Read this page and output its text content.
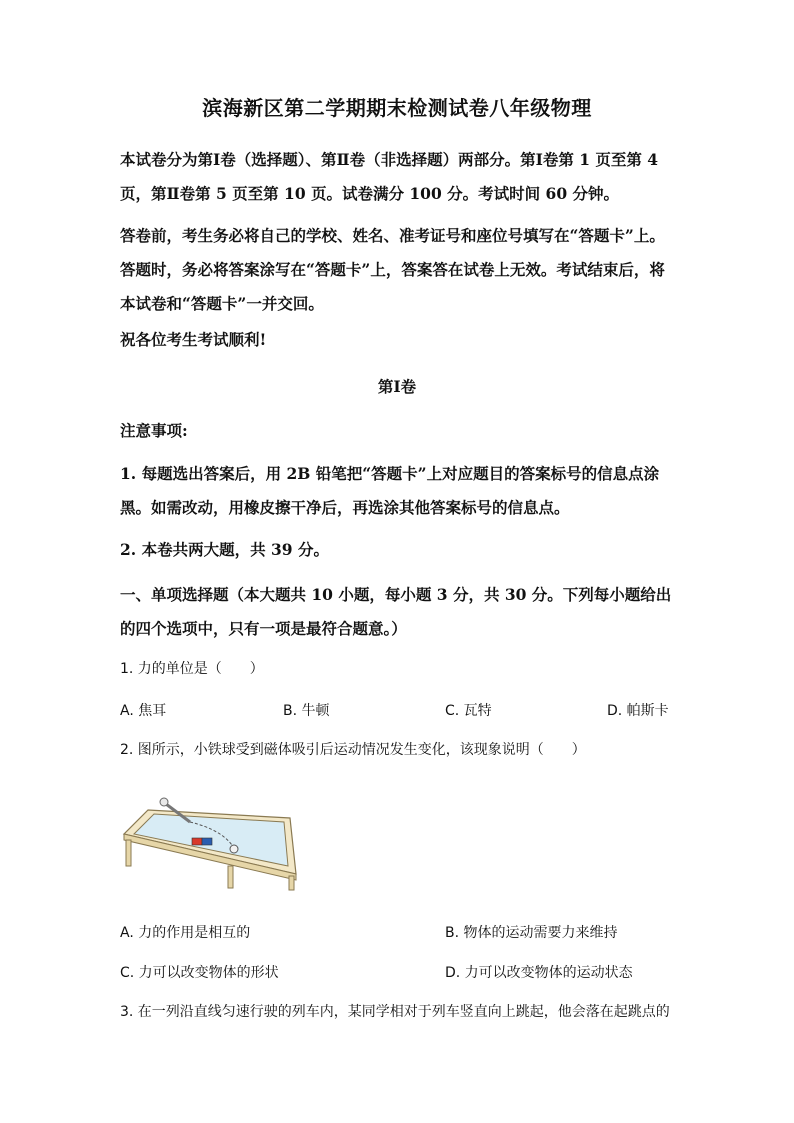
滨海新区第二学期期末检测试卷八年级物理
本试卷分为第Ⅰ卷（选择题）、第Ⅱ卷（非选择题）两部分。第Ⅰ卷第 1 页至第 4 页，第Ⅱ卷第 5 页至第 10 页。试卷满分 100 分。考试时间 60 分钟。
答卷前，考生务必将自己的学校、姓名、准考证号和座位号填写在“答题卡”上。答题时，务必将答案涂写在“答题卡”上，答案答在试卷上无效。考试结束后，将本试卷和“答题卡”一并交回。
祝各位考生考试顺利!
第Ⅰ卷
注意事项:
1. 每题选出答案后，用 2B 铅笔把“答题卡”上对应题目的答案标号的信息点涂黑。如需改动，用橡皮擦干净后，再选涂其他答案标号的信息点。
2. 本卷共两大题，共 39 分。
一、单项选择题（本大题共 10 小题，每小题 3 分，共 30 分。下列每小题给出的四个选项中，只有一项是最符合题意。）
1. 力的单位是（　　）
A. 焦耳	B. 牛顿	C. 瓦特	D. 帕斯卡
2. 图所示，小铁球受到磁体吸引后运动情况发生变化，该现象说明（　　）
A. 力的作用是相互的	B. 物体的运动需要力来维持
C. 力可以改变物体的形状	D. 力可以改变物体的运动状态
3. 在一列沿直线匀速行驶的列车内，某同学相对于列车竖直向上跳起，他会落在起跳点的
